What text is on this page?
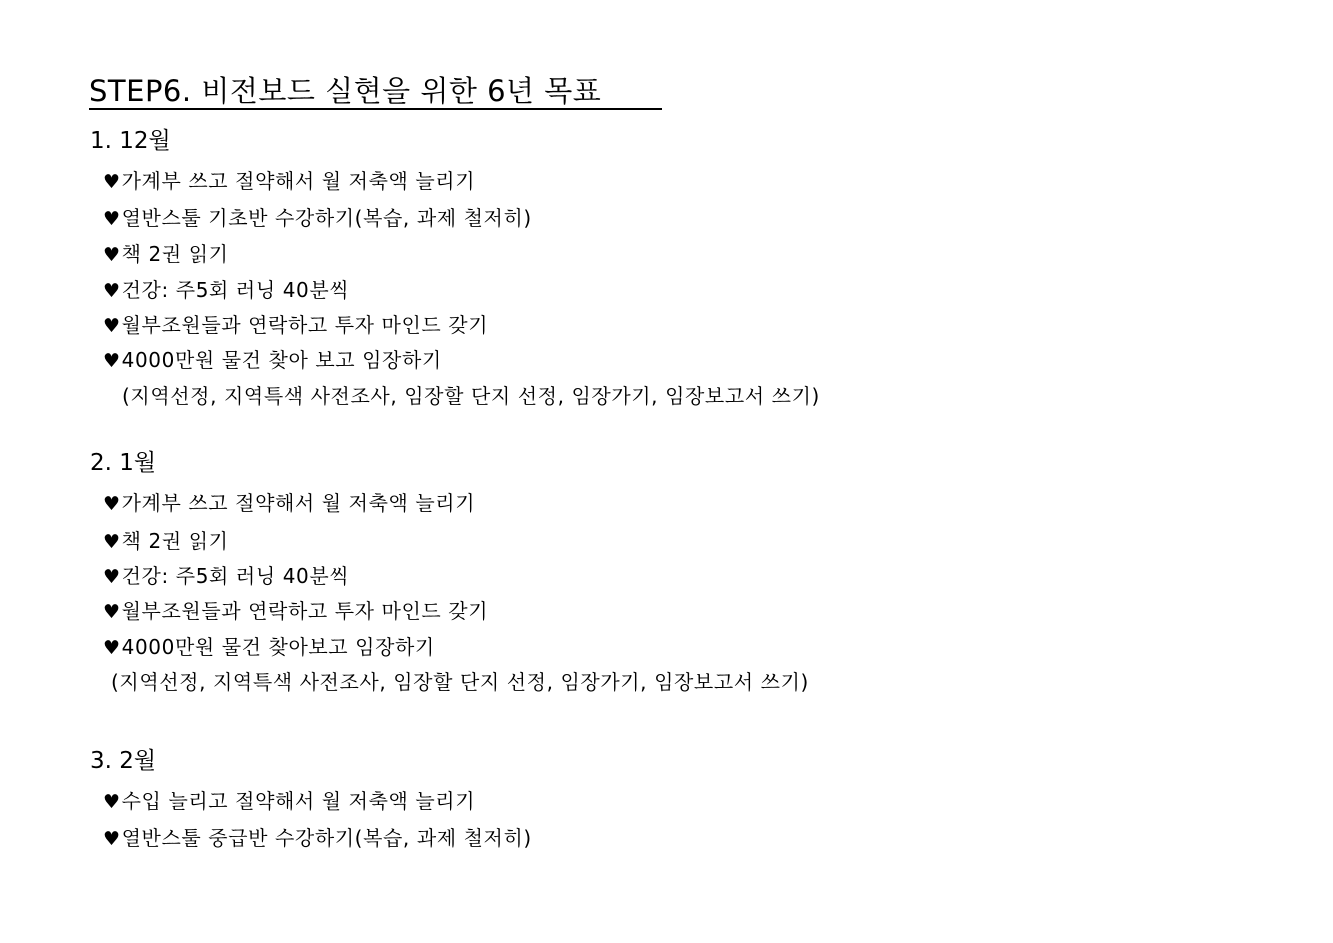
STEP6. 비전보드 실현을 위한 6년 목표
1. 12월
♥가계부 쓰고 절약해서 월 저축액 늘리기
♥열반스툴 기초반 수강하기(복습, 과제 철저히)
♥책 2권 읽기
♥건강: 주5회 러닝 40분씩
♥월부조원들과 연락하고 투자 마인드 갖기
♥4000만원 물건 찾아 보고 임장하기
(지역선정, 지역특색 사전조사, 임장할 단지 선정, 임장가기, 임장보고서 쓰기)
2. 1월
♥가계부 쓰고 절약해서 월 저축액 늘리기
♥책 2권 읽기
♥건강: 주5회 러닝 40분씩
♥월부조원들과 연락하고 투자 마인드 갖기
♥4000만원 물건 찾아보고 임장하기
(지역선정, 지역특색 사전조사, 임장할 단지 선정, 임장가기, 임장보고서 쓰기)
3. 2월
♥수입 늘리고 절약해서 월 저축액 늘리기
♥열반스툴 중급반 수강하기(복습, 과제 철저히)
